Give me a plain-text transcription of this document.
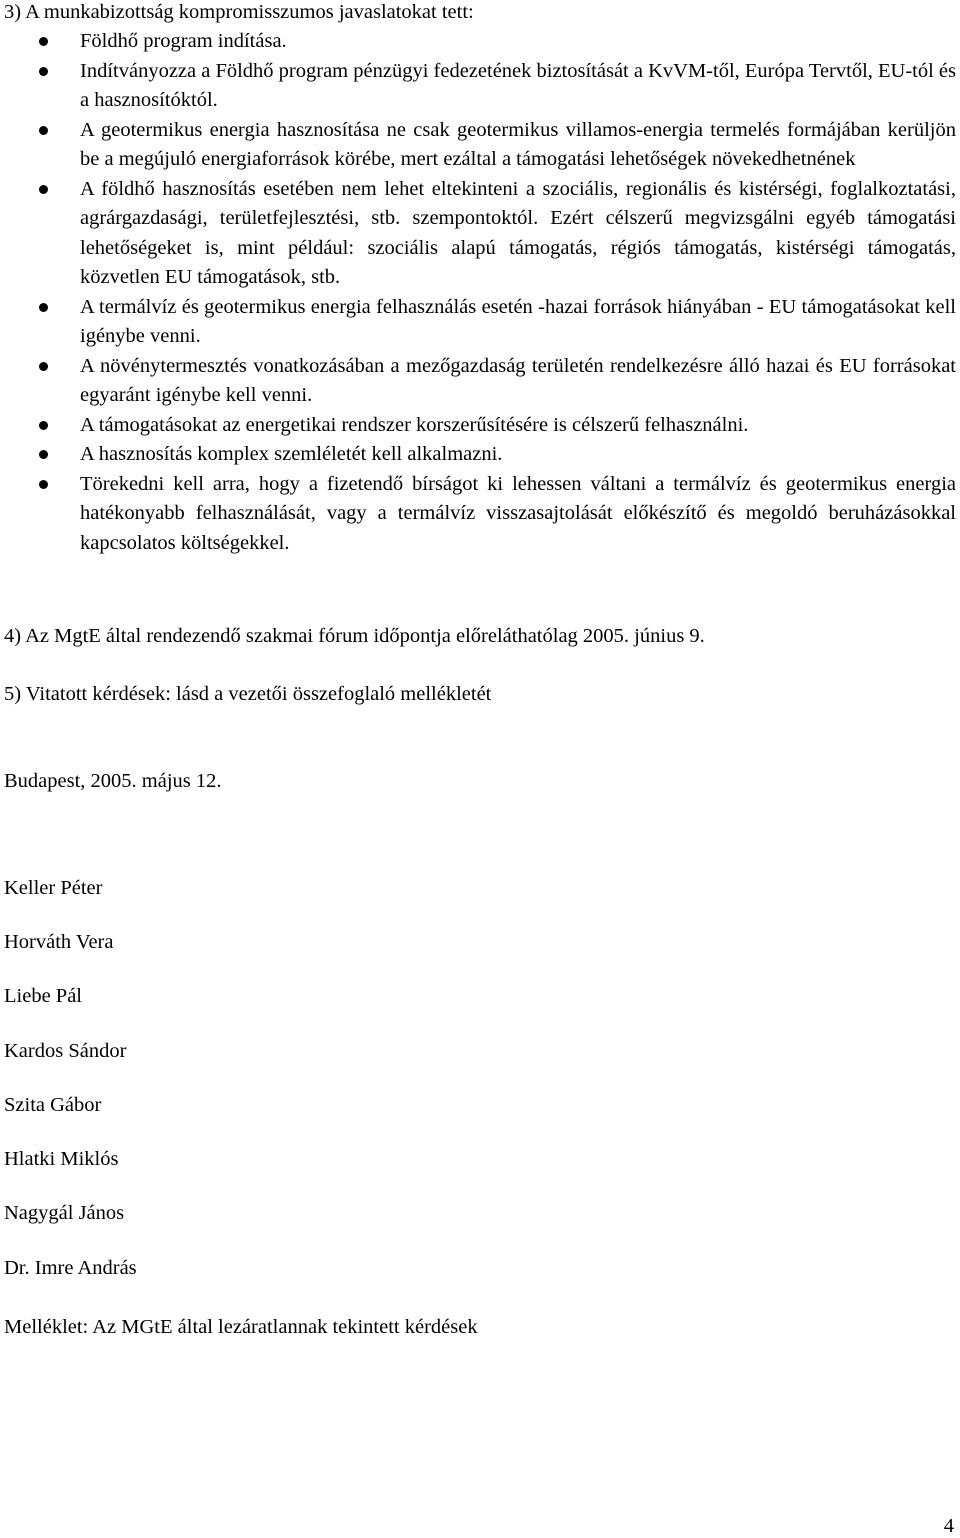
3) A munkabizottság kompromisszumos javaslatokat tett:
Földhő program indítása.
Indítványozza a Földhő program pénzügyi fedezetének biztosítását a KvVM-től, Európa Tervtől, EU-tól és a hasznosítóktól.
A geotermikus energia hasznosítása ne csak geotermikus villamos-energia termelés formájában kerüljön be a megújuló energiaforrások körébe, mert ezáltal a támogatási lehetőségek növekedhetnének
A földhő hasznosítás esetében nem lehet eltekinteni a szociális, regionális és kistérségi, foglalkoztatási, agrárgazdasági, területfejlesztési, stb. szempontoktól. Ezért célszerű megvizsgálni egyéb támogatási lehetőségeket is, mint például: szociális alapú támogatás, régiós támogatás, kistérségi támogatás, közvetlen EU támogatások, stb.
A termálvíz és geotermikus energia felhasználás esetén -hazai források hiányában - EU támogatásokat kell igénybe venni.
A növénytermesztés vonatkozásában a mezőgazdaság területén rendelkezésre álló hazai és EU forrásokat egyaránt igénybe kell venni.
A támogatásokat az energetikai rendszer korszerűsítésére is célszerű felhasználni.
A hasznosítás komplex szemléletét kell alkalmazni.
Törekedni kell arra, hogy a fizetendő bírságot ki lehessen váltani a termálvíz és geotermikus energia hatékonyabb felhasználását, vagy a termálvíz visszasajtolását előkészítő és megoldó beruházásokkal kapcsolatos költségekkel.
4) Az MgtE által rendezendő szakmai fórum időpontja előreláthatólag 2005. június 9.
5) Vitatott kérdések: lásd a vezetői összefoglaló mellékletét
Budapest, 2005. május 12.
Keller Péter
Horváth Vera
Liebe Pál
Kardos Sándor
Szita Gábor
Hlatki Miklós
Nagygál János
Dr. Imre András
Melléklet: Az MGtE által lezáratlannak tekintett kérdések
4
